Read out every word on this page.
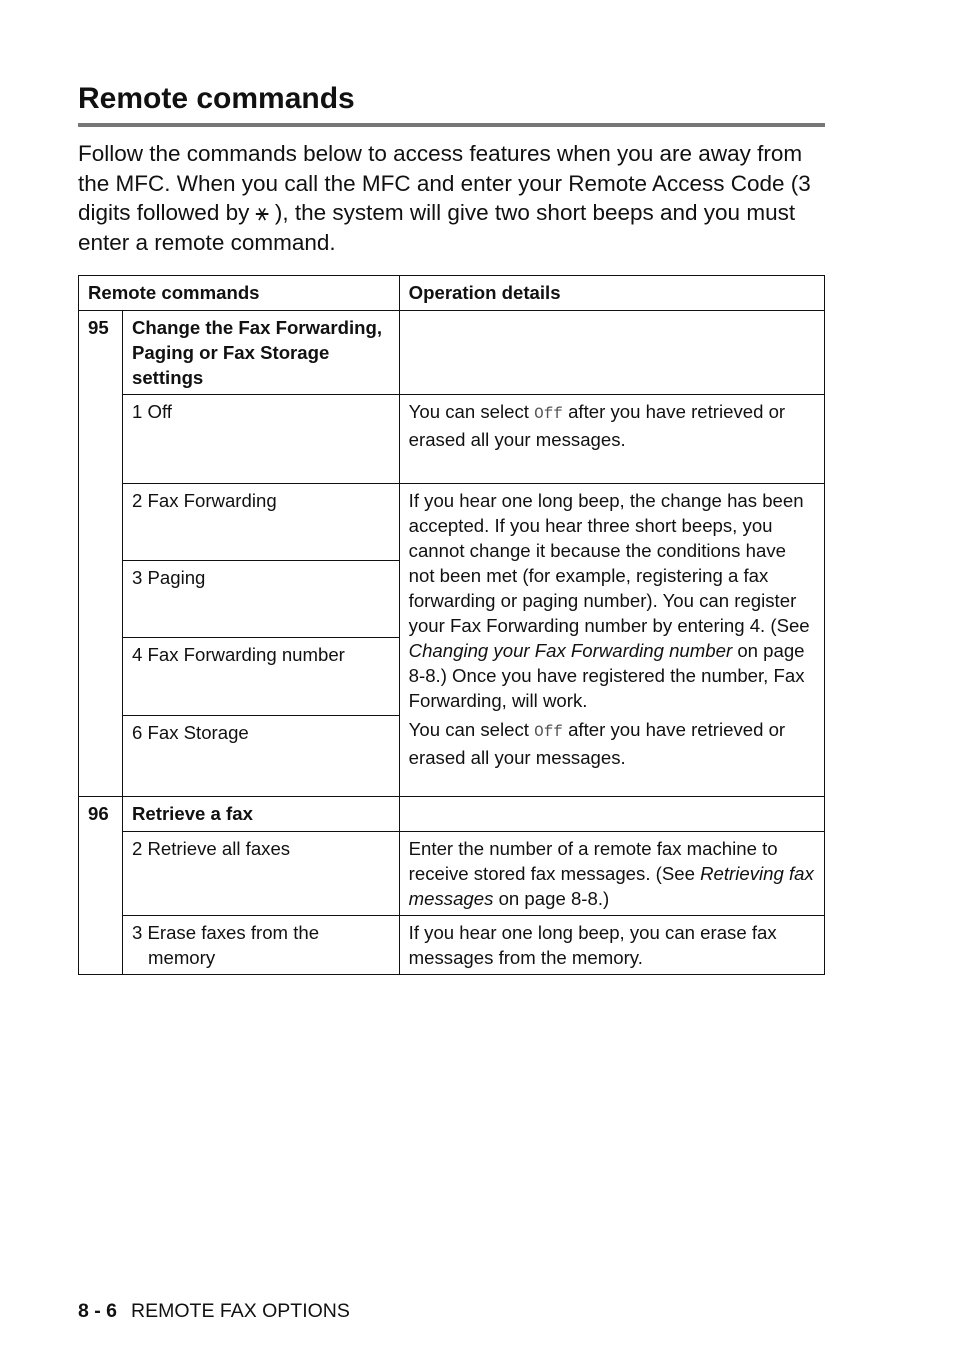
Remote commands

Follow the commands below to access features when you are away from the MFC. When you call the MFC and enter your Remote Access Code (3 digits followed by ⚹ ), the system will give two short beeps and you must enter a remote command.

Remote commands		Operation details
95	Change the Fax Forwarding, Paging or Fax Storage settings	
	1 Off	You can select Off after you have retrieved or erased all your messages.
	2 Fax Forwarding	If you hear one long beep, the change has been accepted. If you hear three short beeps, you cannot change it because the conditions have not been met (for example, registering a fax forwarding or paging number). You can register your Fax Forwarding number by entering 4. (See Changing your Fax Forwarding number on page 8-8.) Once you have registered the number, Fax Forwarding, will work.
You can select Off after you have retrieved or erased all your messages.

	3 Paging	
	4 Fax Forwarding number	
	6 Fax Storage	
96	Retrieve a fax	
	2 Retrieve all faxes	Enter the number of a remote fax machine to receive stored fax messages. (See Retrieving fax messages on page 8-8.)
	3 Erase faxes from the memory	If you hear one long beep, you can erase fax messages from the memory.
8 - 6 REMOTE FAX OPTIONS
